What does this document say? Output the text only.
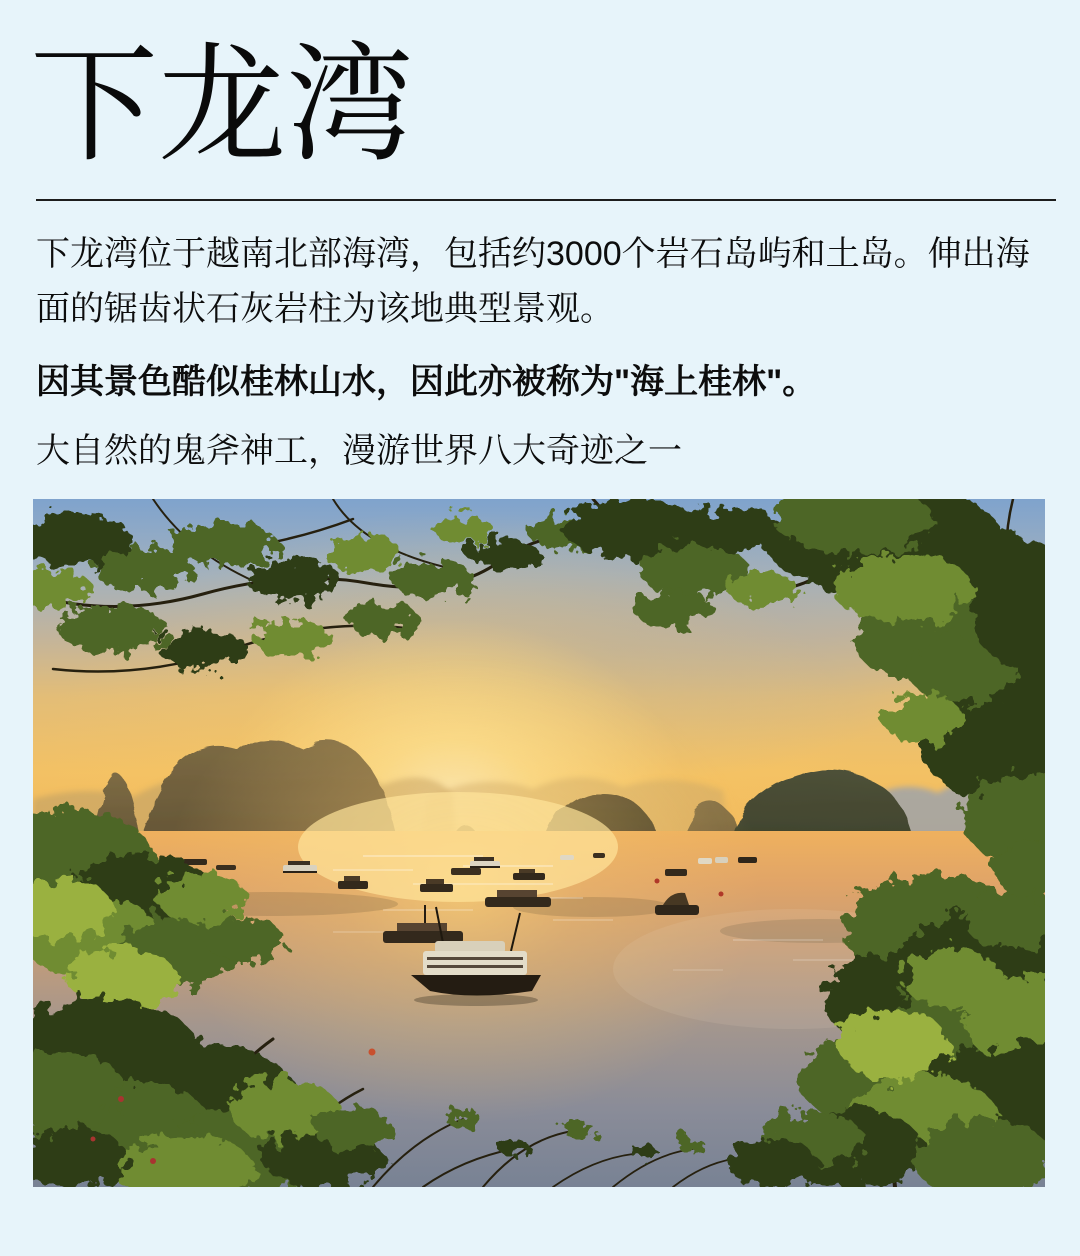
下龙湾

下龙湾位于越南北部海湾，包括约3000个岩石岛屿和土岛。伸出海面的锯齿状石灰岩柱为该地典型景观。

因其景色酷似桂林山水，因此亦被称为"海上桂林"。

大自然的鬼斧神工，漫游世界八大奇迹之一
